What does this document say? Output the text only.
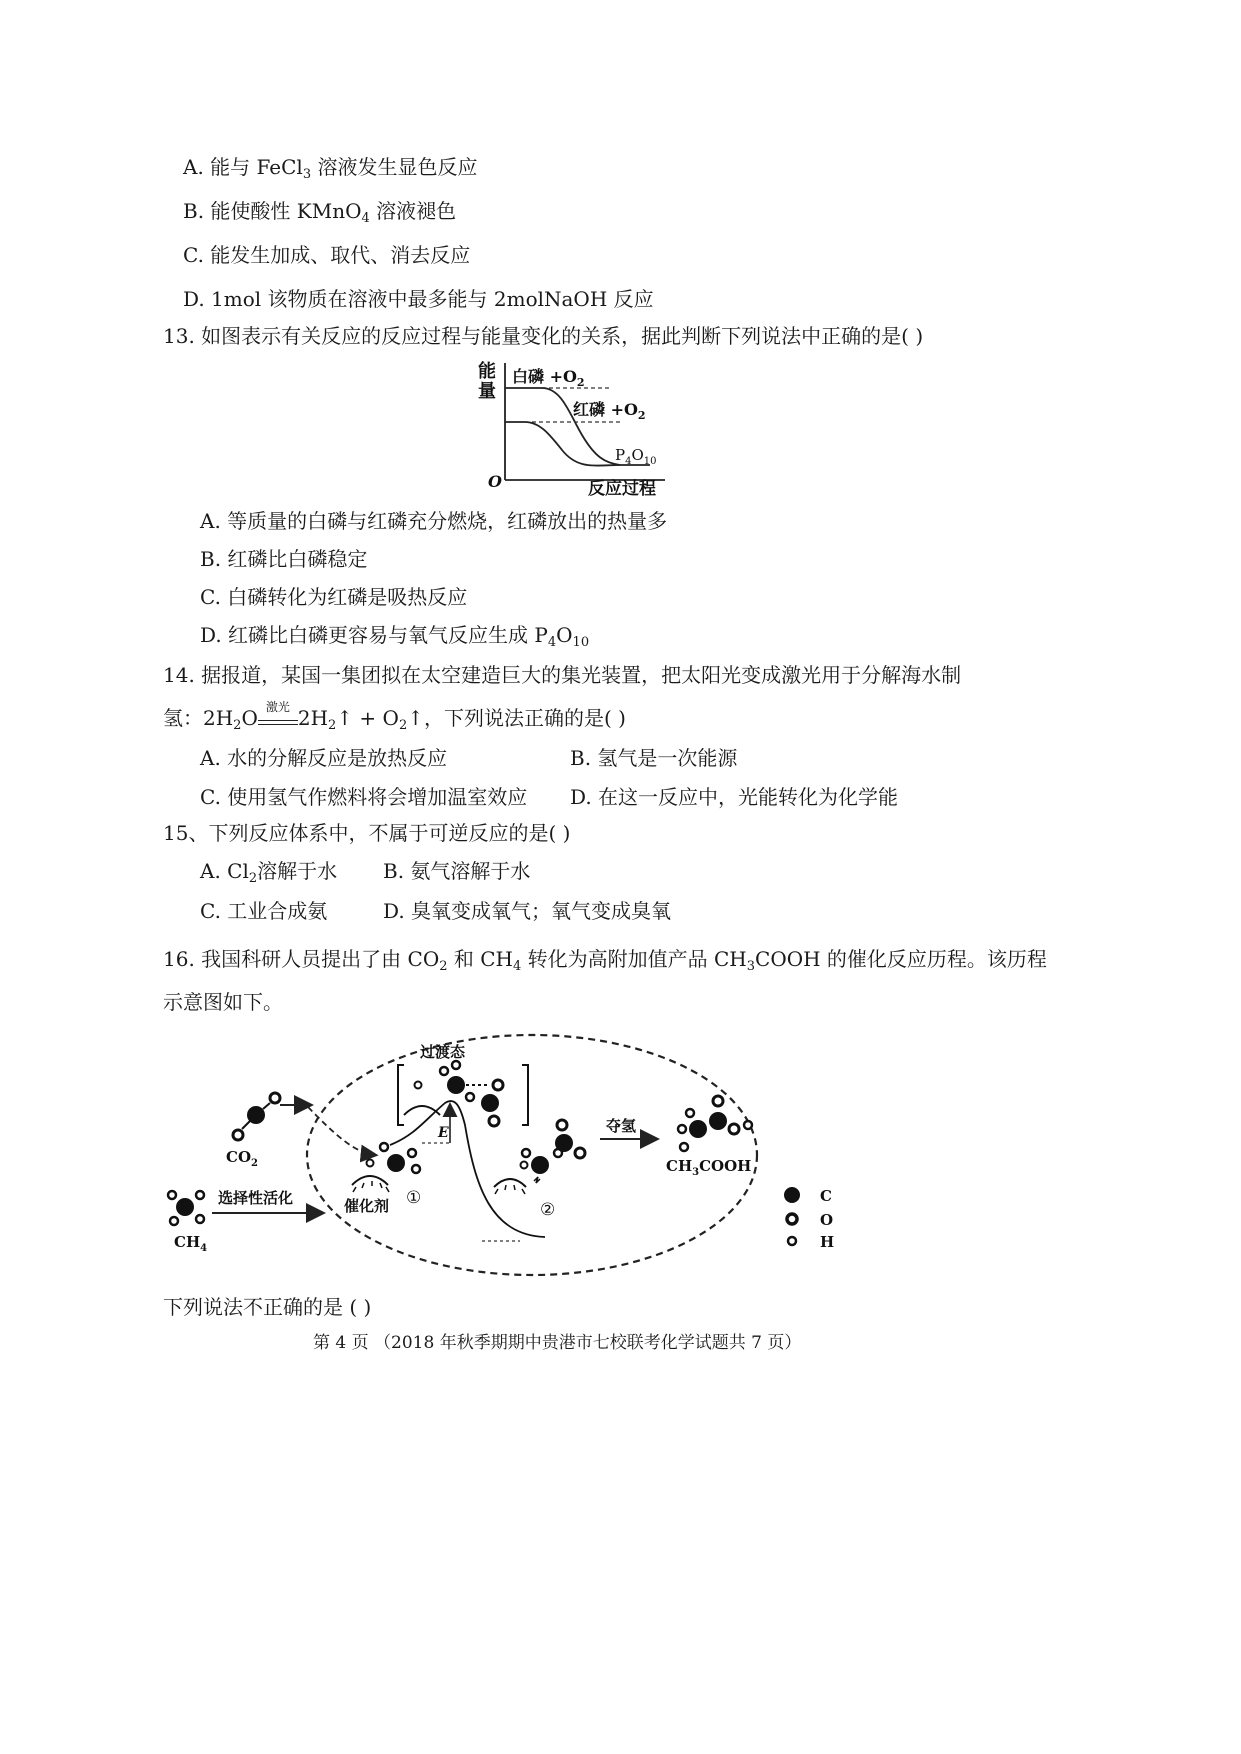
A. 能与 FeCl$_3$ 溶液发生显色反应
B. 能使酸性 KMnO$_4$ 溶液褪色
C. 能发生加成、取代、消去反应
D. 1mol 该物质在溶液中最多能与 2molNaOH 反应
13. 如图表示有关反应的反应过程与能量变化的关系，据此判断下列说法中正确的是( )
能
量
白磷 $+O_2$
红磷 $+O_2$
$P_4O_{10}$
O	反应过程
A. 等质量的白磷与红磷充分燃烧，红磷放出的热量多
B. 红磷比白磷稳定
C. 白磷转化为红磷是吸热反应
D. 红磷比白磷更容易与氧气反应生成 $P_4O_{10}$
14. 据报道，某国一集团拟在太空建造巨大的集光装置，把太阳光变成激光用于分解海水制
氢：$2H_2O$ 激光 $2H_2↑$ + $O_2↑$，下列说法正确的是( )
A. 水的分解反应是放热反应	B. 氢气是一次能源
C. 使用氢气作燃料将会增加温室效应 D. 在这一反应中，光能转化为化学能
15、下列反应体系中，不属于可逆反应的是( )
A. $Cl_2$溶解于水 B. 氨气溶解于水
C. 工业合成氨	D. 臭氧变成氧气；氧气变成臭氧
16. 我国科研人员提出了由 $CO_2$ 和 $CH_4$ 转化为高附加值产品 $CH_3COOH$ 的催化反应历程。该历程
示意图如下。
$CO_2$
$CH_4$
选择性活化	催化剂 ①
E
过渡态
②
夺氢
$CH_3COOH$
C
O
H
下列说法不正确的是 ( )
第 4 页 （2018 年秋季期期中贵港市七校联考化学试题共 7 页）
